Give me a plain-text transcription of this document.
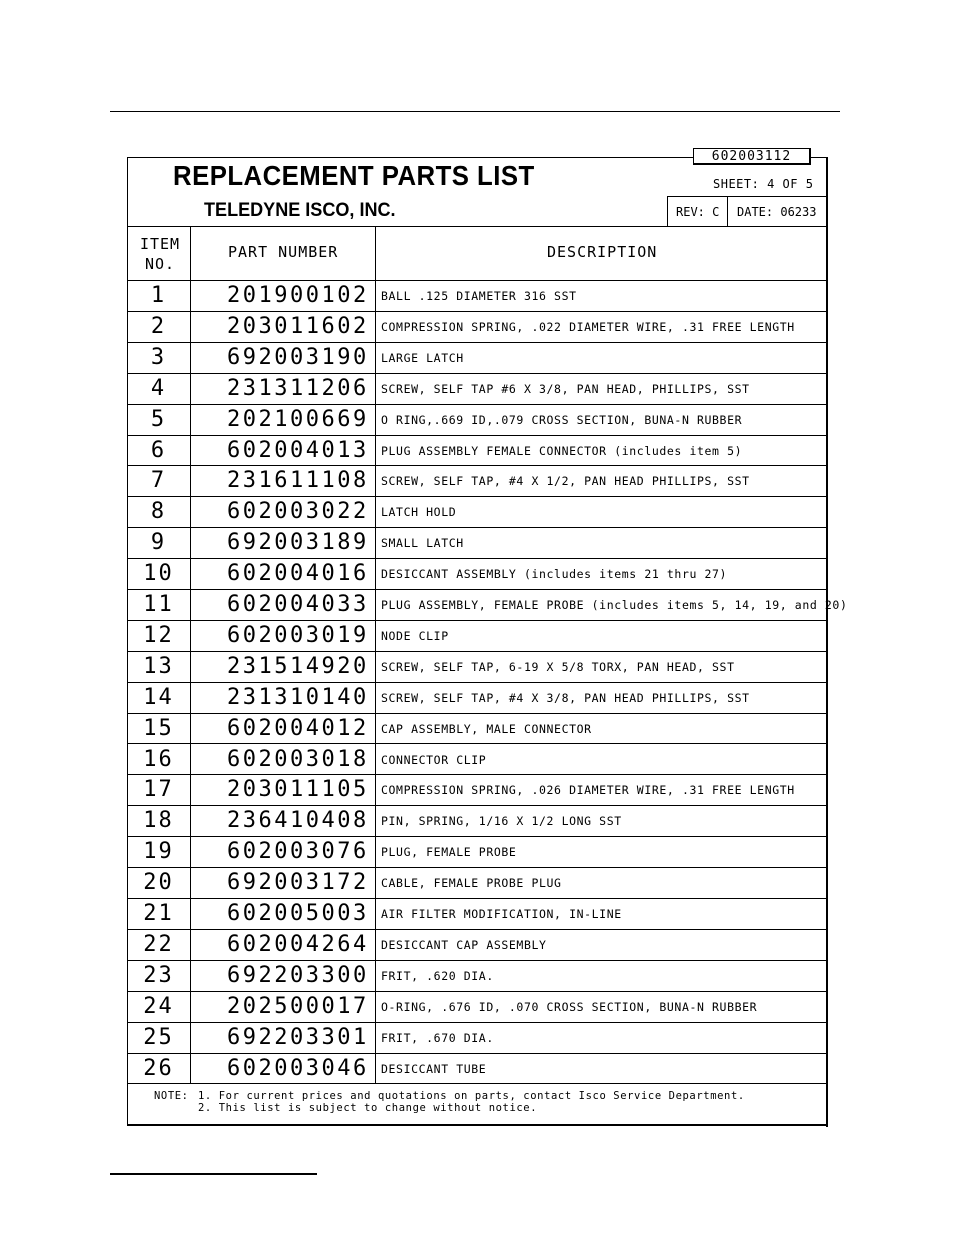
602003112
REPLACEMENT PARTS LIST
TELEDYNE ISCO, INC.
SHEET: 4 OF 5
REV: C	DATE: 06233
ITEM
NO.
PART NUMBER	DESCRIPTION
1	201900102 BALL .125 DIAMETER 316 SST
2	203011602 COMPRESSION SPRING, .022 DIAMETER WIRE, .31 FREE LENGTH
3	692003190 LARGE LATCH
4	231311206 SCREW, SELF TAP #6 X 3/8, PAN HEAD, PHILLIPS, SST
5	202100669 O RING,.669 ID,.079 CROSS SECTION, BUNA-N RUBBER
6	602004013 PLUG ASSEMBLY FEMALE CONNECTOR (includes item 5)
7	231611108 SCREW, SELF TAP, #4 X 1/2, PAN HEAD PHILLIPS, SST
8	602003022 LATCH HOLD
9	692003189 SMALL LATCH
10	602004016 DESICCANT ASSEMBLY (includes items 21 thru 27)
11	602004033 PLUG ASSEMBLY, FEMALE PROBE (includes items 5, 14, 19, and 20)
12	602003019 NODE CLIP
13	231514920 SCREW, SELF TAP, 6-19 X 5/8 TORX, PAN HEAD, SST
14	231310140 SCREW, SELF TAP, #4 X 3/8, PAN HEAD PHILLIPS, SST
15	602004012 CAP ASSEMBLY, MALE CONNECTOR
16	602003018 CONNECTOR CLIP
17	203011105 COMPRESSION SPRING, .026 DIAMETER WIRE, .31 FREE LENGTH
18	236410408 PIN, SPRING, 1/16 X 1/2 LONG SST
19	602003076 PLUG, FEMALE PROBE
20	692003172 CABLE, FEMALE PROBE PLUG
21	602005003 AIR FILTER MODIFICATION, IN-LINE
22	602004264 DESICCANT CAP ASSEMBLY
23	692203300 FRIT, .620 DIA.
24	202500017 O-RING, .676 ID, .070 CROSS SECTION, BUNA-N RUBBER
25	692203301 FRIT, .670 DIA.
26	602003046 DESICCANT TUBE
NOTE: 1. For current prices and quotations on parts, contact Isco Service Department.
2. This list is subject to change without notice.
